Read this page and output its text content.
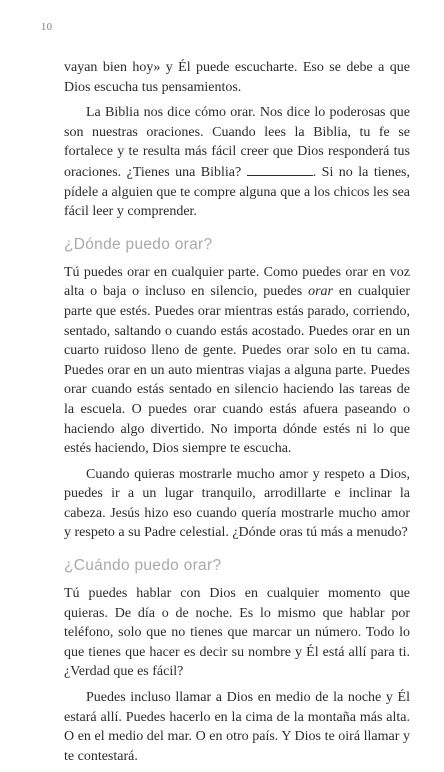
10

vayan bien hoy» y Él puede escucharte. Eso se debe a que Dios escucha tus pensamientos.

La Biblia nos dice cómo orar. Nos dice lo poderosas que son nuestras oraciones. Cuando lees la Biblia, tu fe se fortalece y te resulta más fácil creer que Dios responderá tus oraciones. ¿Tienes una Biblia?	. Si no la tienes, pídele a alguien que te compre alguna que a los chicos les sea fácil leer y comprender.

¿Dónde puedo orar?

Tú puedes orar en cualquier parte. Como puedes orar en voz alta o baja o incluso en silencio, puedes orar en cualquier parte que estés. Puedes orar mientras estás parado, corriendo, sentado, saltando o cuando estás acostado. Puedes orar en un cuarto ruidoso lleno de gente. Puedes orar solo en tu cama. Puedes orar en un auto mientras viajas a alguna parte. Puedes orar cuando estás sentado en silencio haciendo las tareas de la escuela. O puedes orar cuando estás afuera paseando o haciendo algo divertido. No importa dónde estés ni lo que estés haciendo, Dios siempre te escucha.

Cuando quieras mostrarle mucho amor y respeto a Dios, puedes ir a un lugar tranquilo, arrodillarte e inclinar la cabeza. Jesús hizo eso cuando quería mostrarle mucho amor y respeto a su Padre celestial. ¿Dónde oras tú más a menudo?

¿Cuándo puedo orar?

Tú puedes hablar con Dios en cualquier momento que quieras. De día o de noche. Es lo mismo que hablar por teléfono, solo que no tienes que marcar un número. Todo lo que tienes que hacer es decir su nombre y Él está allí para ti. ¿Verdad que es fácil?

Puedes incluso llamar a Dios en medio de la noche y Él estará allí. Puedes hacerlo en la cima de la montaña más alta. O en el medio del mar. O en otro país. Y Dios te oirá llamar y te contestará.
